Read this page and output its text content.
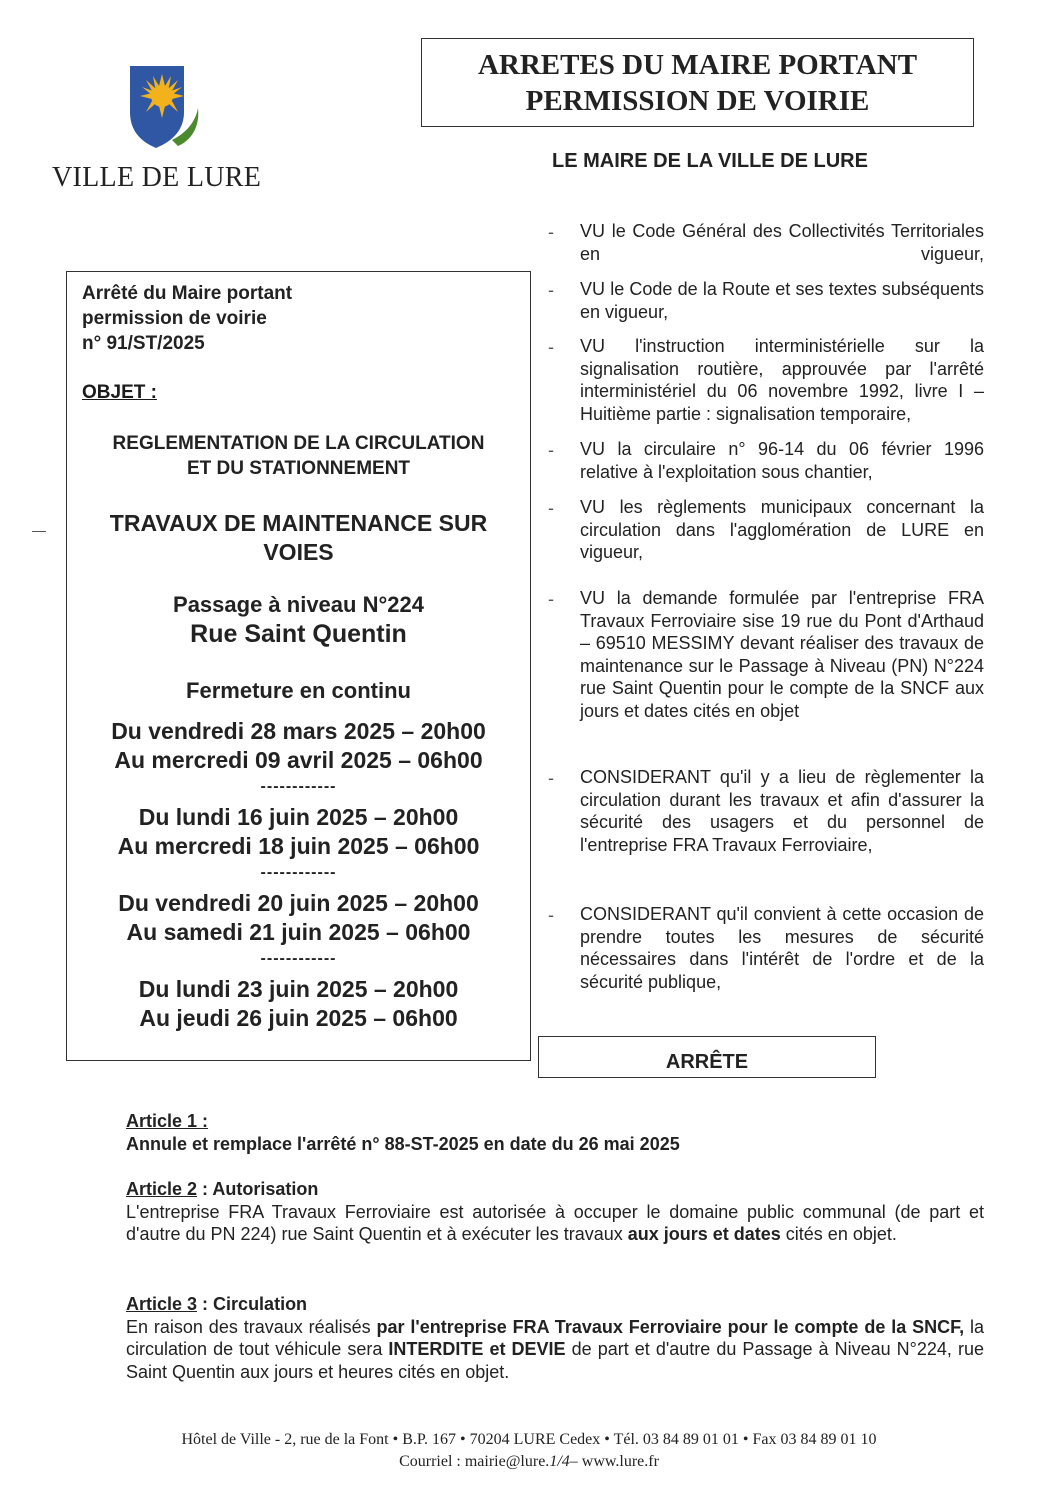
VILLE DE LURE
ARRETES DU MAIRE PORTANT
PERMISSION DE VOIRIE
LE MAIRE DE LA VILLE DE LURE
Arrêté du Maire portant
permission de voirie
n° 91/ST/2025
OBJET :
REGLEMENTATION DE LA CIRCULATION
ET DU STATIONNEMENT
TRAVAUX DE MAINTENANCE SUR
VOIES
Passage à niveau N°224
Rue Saint Quentin
Fermeture en continu
Du vendredi 28 mars 2025 – 20h00
Au mercredi 09 avril 2025 – 06h00
------------
Du lundi 16 juin 2025 – 20h00
Au mercredi 18 juin 2025 – 06h00
------------
Du vendredi 20 juin 2025 – 20h00
Au samedi 21 juin 2025 – 06h00
------------
Du lundi 23 juin 2025 – 20h00
Au jeudi 26 juin 2025 – 06h00
- VU le Code Général des Collectivités Territoriales en vigueur,
- VU le Code de la Route et ses textes subséquents en vigueur,
- VU l'instruction interministérielle sur la signalisation routière, approuvée par l'arrêté interministériel du 06 novembre 1992, livre I – Huitième partie : signalisation temporaire,
- VU la circulaire n° 96-14 du 06 février 1996 relative à l'exploitation sous chantier,
- VU les règlements municipaux concernant la circulation dans l'agglomération de LURE en vigueur,
- VU la demande formulée par l'entreprise FRA Travaux Ferroviaire sise 19 rue du Pont d'Arthaud – 69510 MESSIMY devant réaliser des travaux de maintenance sur le Passage à Niveau (PN) N°224 rue Saint Quentin pour le compte de la SNCF aux jours et dates cités en objet
- CONSIDERANT qu'il y a lieu de règlementer la circulation durant les travaux et afin d'assurer la sécurité des usagers et du personnel de l'entreprise FRA Travaux Ferroviaire,
- CONSIDERANT qu'il convient à cette occasion de prendre toutes les mesures de sécurité nécessaires dans l'intérêt de l'ordre et de la sécurité publique,
ARRÊTE
Article 1 :
Annule et remplace l'arrêté n° 88-ST-2025 en date du 26 mai 2025
Article 2 : Autorisation
L'entreprise FRA Travaux Ferroviaire est autorisée à occuper le domaine public communal (de part et d'autre du PN 224) rue Saint Quentin et à exécuter les travaux aux jours et dates cités en objet.
Article 3 : Circulation
En raison des travaux réalisés par l'entreprise FRA Travaux Ferroviaire pour le compte de la SNCF, la circulation de tout véhicule sera INTERDITE et DEVIE de part et d'autre du Passage à Niveau N°224, rue Saint Quentin aux jours et heures cités en objet.
Hôtel de Ville - 2, rue de la Font • B.P. 167 • 70204 LURE Cedex • Tél. 03 84 89 01 01 • Fax 03 84 89 01 10
Courriel : mairie@lure.1/4– www.lure.fr
